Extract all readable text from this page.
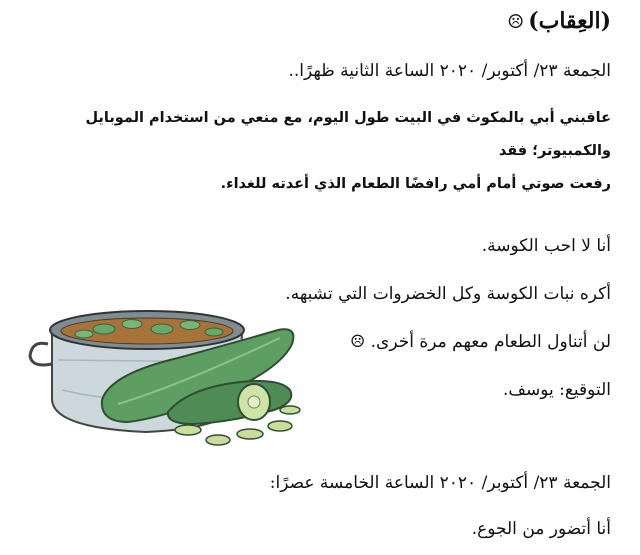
(العِقاب)☹
الجمعة ٢٣/ أكتوبر/ ٢٠٢٠ الساعة الثانية ظهرًا..
عاقبني أبي بالمكوث في البيت طول اليوم، مع منعي من استخدام الموبايل والكمبيوتر؛ فقد
رفعت صوتي أمام أمي رافضًا الطعام الذي أعدته للغداء.
أنا لا احب الكوسة.
أكره نبات الكوسة وكل الخضروات التي تشبهه.
لن أتناول الطعام معهم مرة أخرى. ☹
التوقيع: يوسف.
الجمعة ٢٣/ أكتوبر/ ٢٠٢٠ الساعة الخامسة عصرًا:
أنا أتضور من الجوع.
